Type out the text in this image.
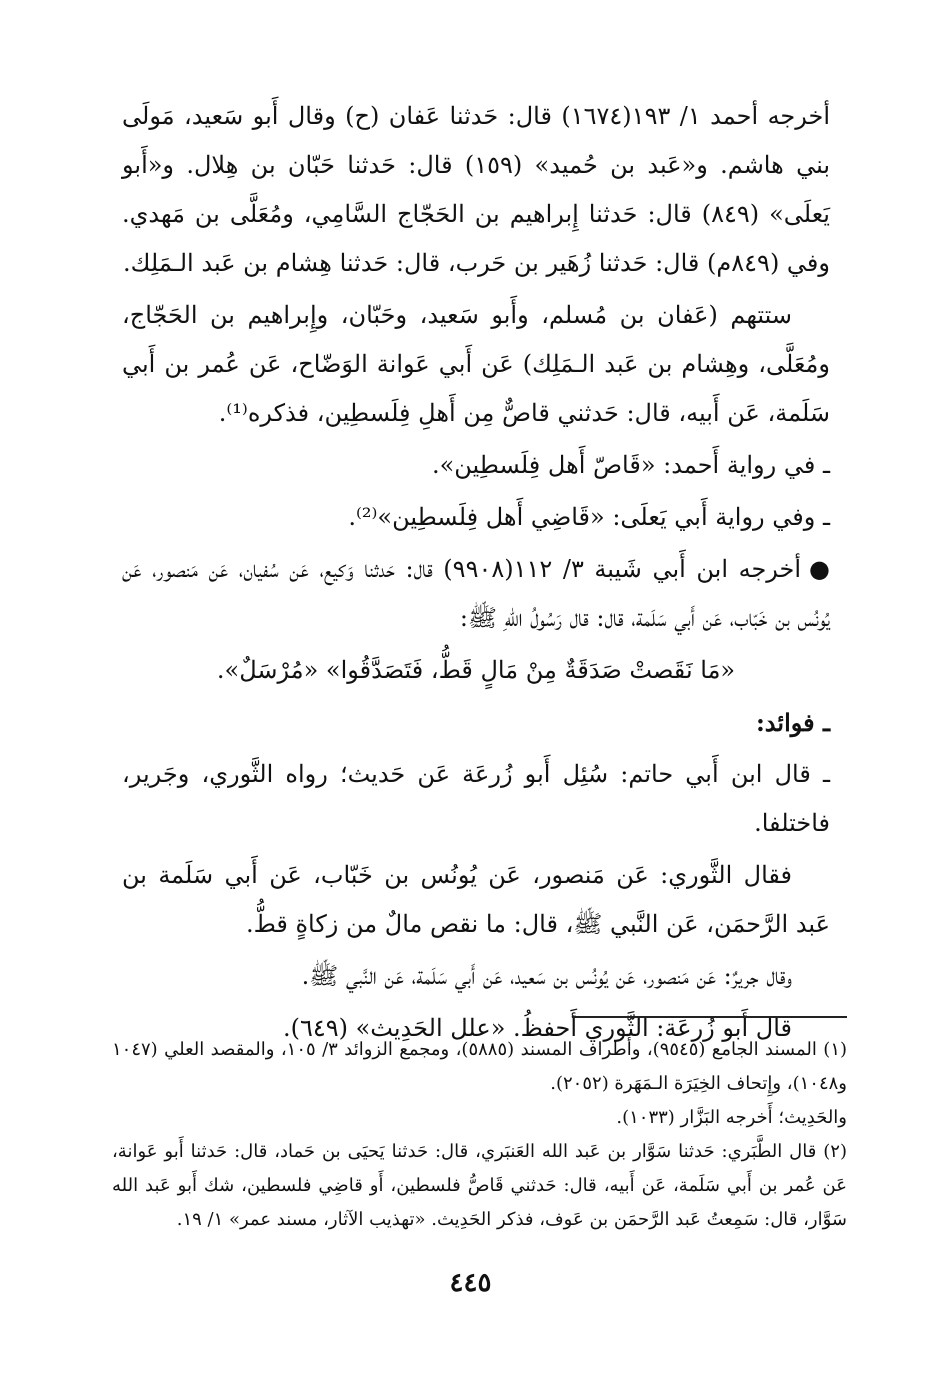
أخرجه أحمد ١/ ١٩٣(١٦٧٤) قال: حَدثنا عَفان (ح) وقال أَبو سَعيد، مَولَى بني هاشم. و«عَبد بن حُميد» (١٥٩) قال: حَدثنا حَبّان بن هِلال. و«أَبو يَعلَى» (٨٤٩) قال: حَدثنا إِبراهيم بن الحَجّاج السَّامِي، ومُعَلَّى بن مَهدي. وفي (٨٤٩م) قال: حَدثنا زُهَير بن حَرب، قال: حَدثنا هِشام بن عَبد الـمَلِك.

ستتهم (عَفان بن مُسلم، وأَبو سَعيد، وحَبّان، وإِبراهيم بن الحَجّاج، ومُعَلَّى، وهِشام بن عَبد الـمَلِك) عَن أَبي عَوانة الوَضّاح، عَن عُمر بن أَبي سَلَمة، عَن أَبيه، قال: حَدثني قاصٌّ مِن أَهلِ فِلَسطِين، فذكره⁽¹⁾.

ـ في رواية أَحمد: «قَاصّ أَهل فِلَسطِين».

ـ وفي رواية أَبي يَعلَى: «قَاضِي أَهل فِلَسطِين»⁽²⁾.

●أخرجه ابن أَبي شَيبة ٣/ ١١٢(٩٩٠٨) قال: حَدثنا وَكيع، عَن سُفيان، عَن مَنصور، عَن يُونُس بن خَبّاب، عَن أَبي سَلَمة، قال: قال رَسُولُ اللهِ ﷺ:

«مَا نَقَصتْ صَدَقَةٌ مِنْ مَالٍ قَطُّ، فَتَصَدَّقُوا» «مُرْسَلٌ».

ـ فوائد:

ـ قال ابن أَبي حاتم: سُئِل أَبو زُرعَة عَن حَديث؛ رواه الثَّوري، وجَرير، فاختلفا.

فقال الثَّوري: عَن مَنصور، عَن يُونُس بن خَبّاب، عَن أَبي سَلَمة بن عَبد الرَّحمَن، عَن النَّبي ﷺ، قال: ما نقص مالٌ من زكاةٍ قطُّ.

وقال جريرٌ: عَن مَنصور، عَن يُونُس بن سَعيد، عَن أَبي سَلَمة، عَن النَّبي ﷺ.

قال أَبو زُرعَة: الثَّوري أَحفظُ. «علل الحَدِيث» (٦٤٩).

(١) المسند الجامع (٩٥٤٥)، وأَطراف المسند (٥٨٨٥)، ومجمع الزوائد ٣/ ١٠٥، والمقصد العلي (١٠٤٧ و١٠٤٨)، وإِتحاف الخِيَرَة الـمَهَرة (٢٠٥٢).

والحَدِيث؛ أَخرجه البَزَّار (١٠٣٣).

(٢) قال الطَّبَري: حَدثنا سَوَّار بن عَبد الله العَنبَري، قال: حَدثنا يَحيَى بن حَماد، قال: حَدثنا أَبو عَوانة، عَن عُمر بن أَبي سَلَمة، عَن أَبيه، قال: حَدثني قَاصُّ فلسطين، أَو قاضِي فلسطين، شك أَبو عَبد الله سَوَّار، قال: سَمِعتُ عَبد الرَّحمَن بن عَوف، فذكر الحَدِيث. «تهذيب الآثار، مسند عمر» ١/ ١٩.

٤٤٥
